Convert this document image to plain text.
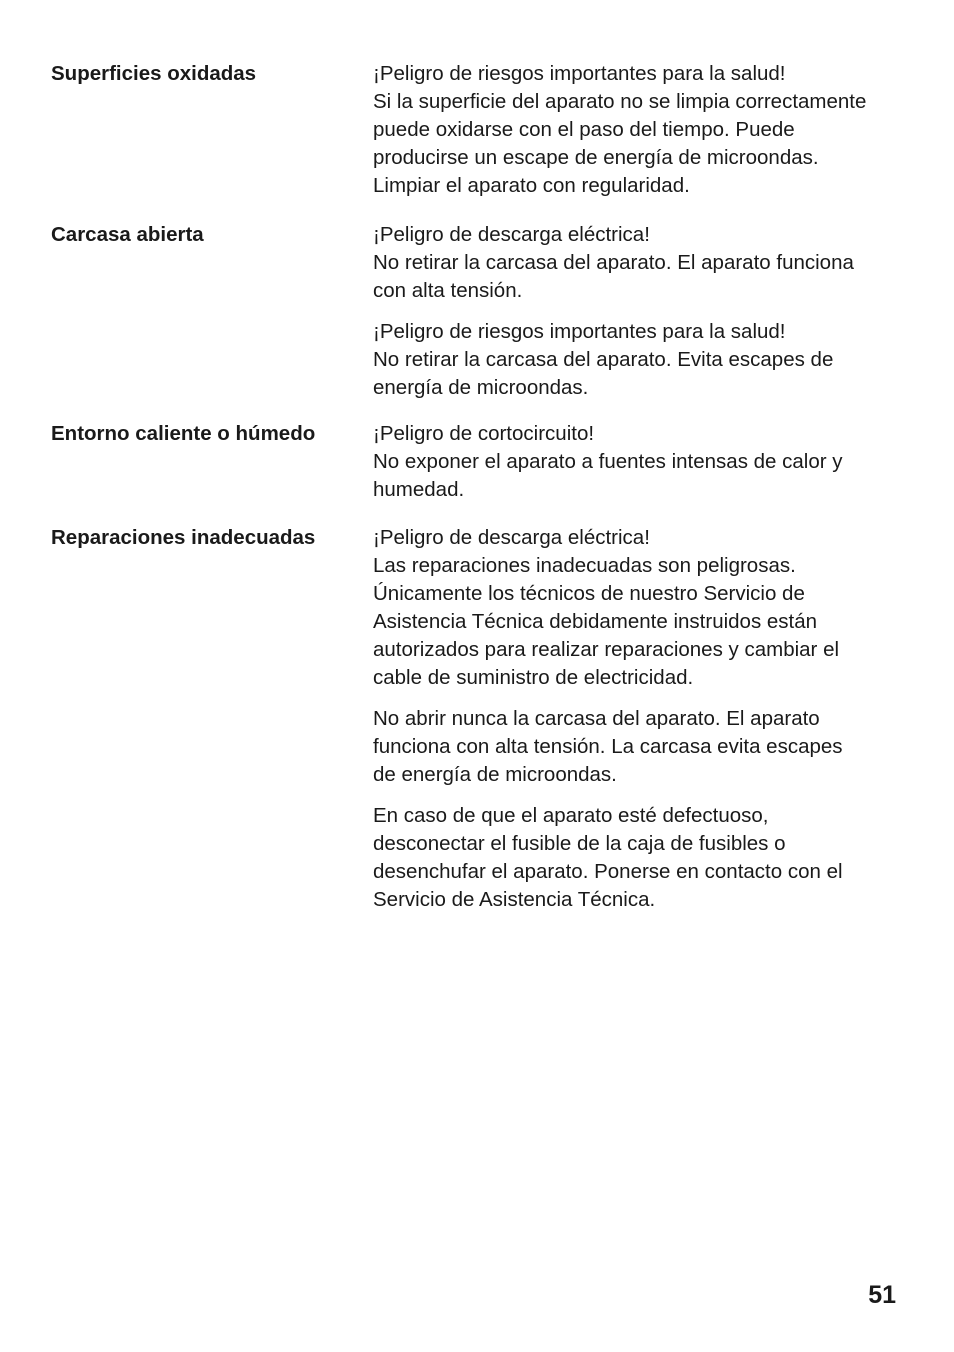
Superficies oxidadas	¡Peligro de riesgos importantes para la salud!
Si la superficie del aparato no se limpia correctamente
puede oxidarse con el paso del tiempo. Puede
producirse un escape de energía de microondas.
Limpiar el aparato con regularidad.
Carcasa abierta	¡Peligro de descarga eléctrica!
No retirar la carcasa del aparato. El aparato funciona
con alta tensión.
¡Peligro de riesgos importantes para la salud!
No retirar la carcasa del aparato. Evita escapes de
energía de microondas.
Entorno caliente o húmedo	¡Peligro de cortocircuito!
No exponer el aparato a fuentes intensas de calor y
humedad.
Reparaciones inadecuadas	¡Peligro de descarga eléctrica!
Las reparaciones inadecuadas son peligrosas.
Únicamente los técnicos de nuestro Servicio de
Asistencia Técnica debidamente instruidos están
autorizados para realizar reparaciones y cambiar el
cable de suministro de electricidad.
No abrir nunca la carcasa del aparato. El aparato
funciona con alta tensión. La carcasa evita escapes
de energía de microondas.
En caso de que el aparato esté defectuoso,
desconectar el fusible de la caja de fusibles o
desenchufar el aparato. Ponerse en contacto con el
Servicio de Asistencia Técnica.
51
